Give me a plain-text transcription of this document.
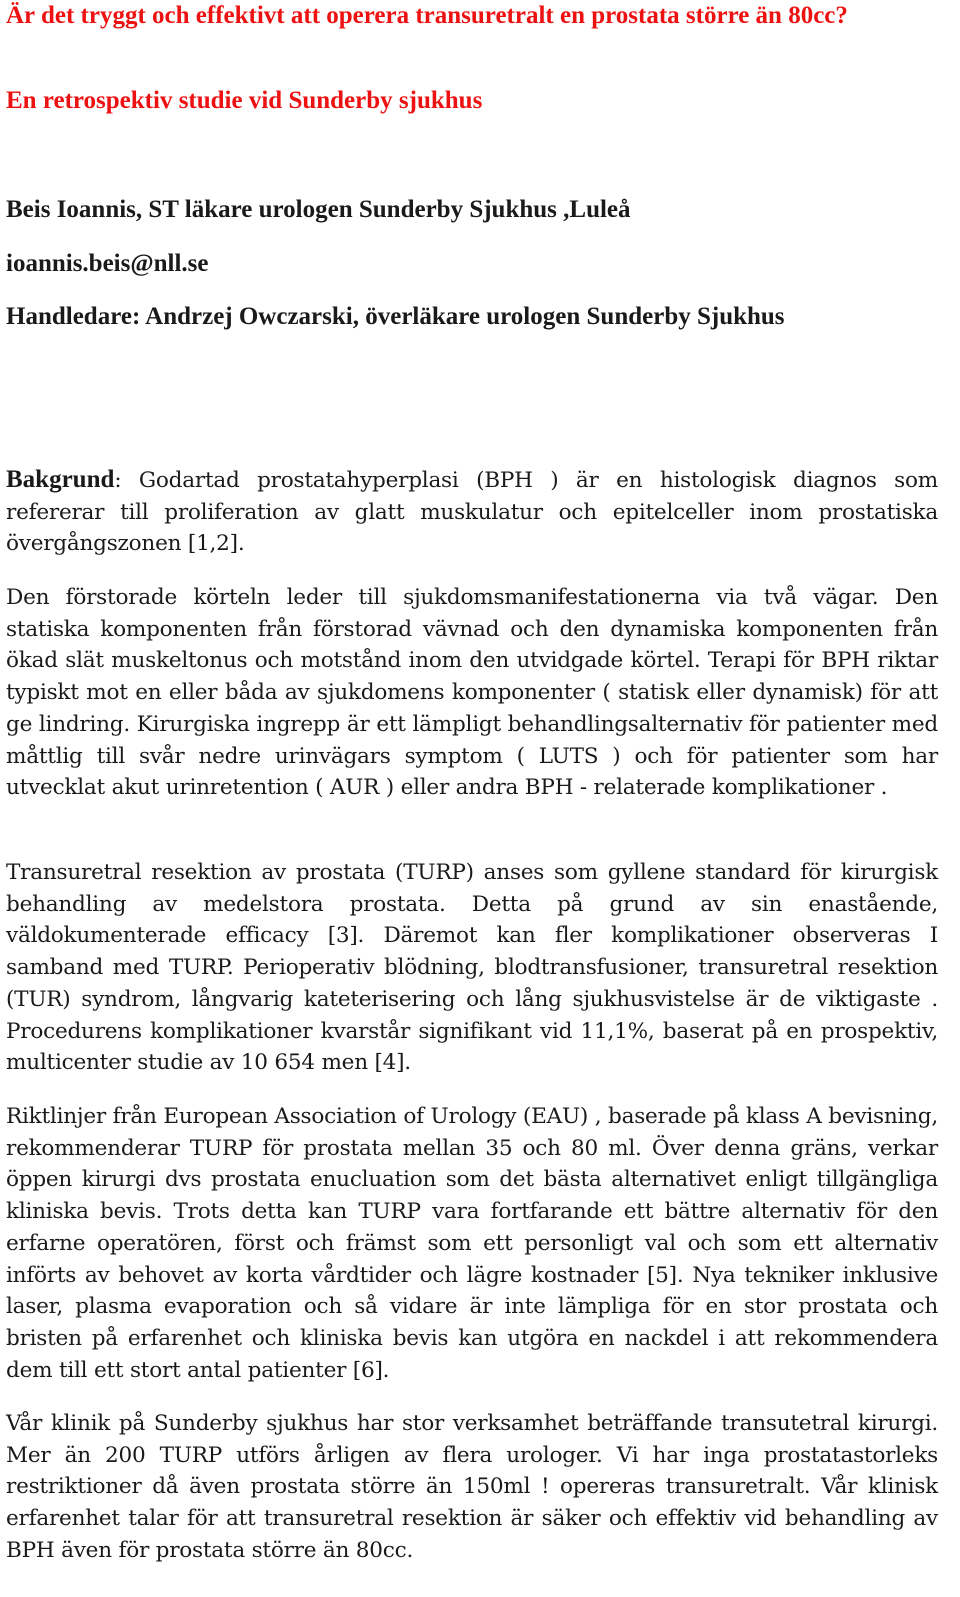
Är det tryggt och effektivt att operera transuretralt en prostata större än 80cc?
En retrospektiv studie vid Sunderby sjukhus

Beis Ioannis, ST läkare urologen Sunderby Sjukhus ,Luleå

ioannis.beis@nll.se

Handledare: Andrzej Owczarski, överläkare urologen Sunderby Sjukhus

Bakgrund: Godartad prostatahyperplasi (BPH ) är en histologisk diagnos som refererar till proliferation av glatt muskulatur och epitelceller inom prostatiska övergångszonen [1,2].

Den förstorade körteln leder till sjukdomsmanifestationerna via två vägar. Den statiska komponenten från förstorad vävnad och den dynamiska komponenten från ökad slät muskeltonus och motstånd inom den utvidgade körtel. Terapi för BPH riktar typiskt mot en eller båda av sjukdomens komponenter ( statisk eller dynamisk) för att ge lindring. Kirurgiska ingrepp är ett lämpligt behandlingsalternativ för patienter med måttlig till svår nedre urinvägars symptom ( LUTS ) och för patienter som har utvecklat akut urinretention ( AUR ) eller andra BPH - relaterade komplikationer .

Transuretral resektion av prostata (TURP) anses som gyllene standard för kirurgisk behandling av medelstora prostata. Detta på grund av sin enastående, väldokumenterade efficacy [3]. Däremot kan fler komplikationer observeras I samband med TURP. Perioperativ blödning, blodtransfusioner, transuretral resektion (TUR) syndrom, långvarig kateterisering och lång sjukhusvistelse är de viktigaste . Procedurens komplikationer kvarstår signifikant vid 11,1%, baserat på en prospektiv, multicenter studie av 10 654 men [4].

Riktlinjer från European Association of Urology (EAU) , baserade på klass A bevisning, rekommenderar TURP för prostata mellan 35 och 80 ml. Över denna gräns, verkar öppen kirurgi dvs prostata enucluation som det bästa alternativet enligt tillgängliga kliniska bevis. Trots detta kan TURP vara fortfarande ett bättre alternativ för den erfarne operatören, först och främst som ett personligt val och som ett alternativ införts av behovet av korta vårdtider och lägre kostnader [5]. Nya tekniker inklusive laser, plasma evaporation och så vidare är inte lämpliga för en stor prostata och bristen på erfarenhet och kliniska bevis kan utgöra en nackdel i att rekommendera dem till ett stort antal patienter [6].

Vår klinik på Sunderby sjukhus har stor verksamhet beträffande transutetral kirurgi. Mer än 200 TURP utförs årligen av flera urologer. Vi har inga prostatastorleks restriktioner då även prostata större än 150ml ! opereras transuretralt. Vår klinisk erfarenhet talar för att transuretral resektion är säker och effektiv vid behandling av BPH även för prostata större än 80cc.
